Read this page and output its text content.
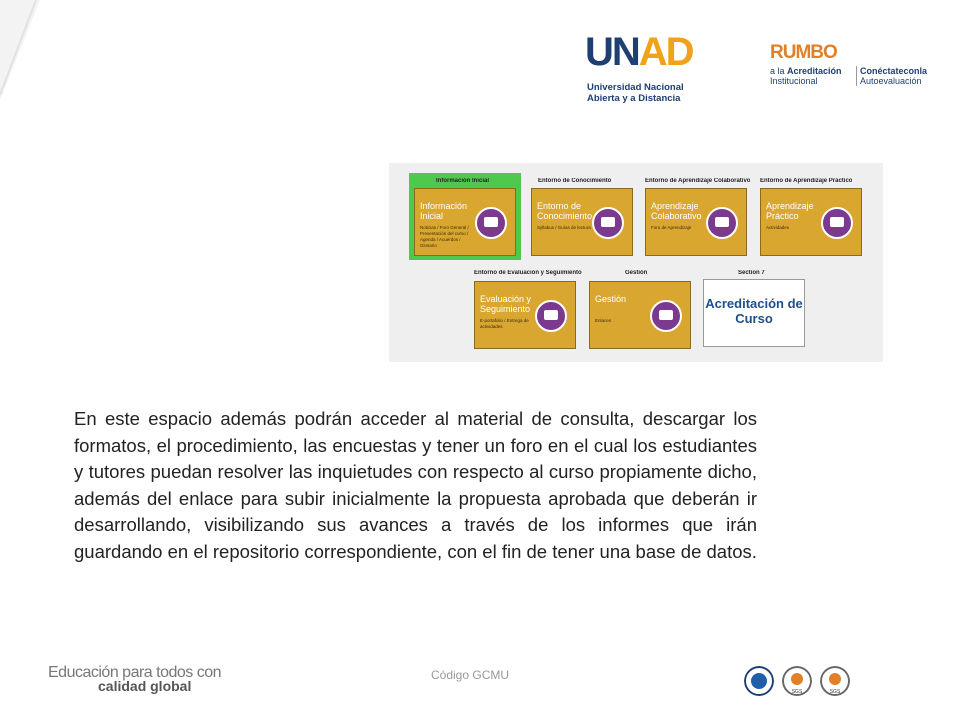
UNAD
Universidad Nacional
Abierta y a Distancia
RUMBO
a la Acreditación
Institucional
Conéctateconla
Autoevaluación
Información Inicial
Información Inicial
Noticias / Foro General / Presentación del curso / Agenda / Acuerdos / Glosario
Entorno de Conocimiento
Entorno de Conocimiento
Syllabus / Guías de lectura
Entorno de Aprendizaje Colaborativo
Aprendizaje Colaborativo
Foro de Aprendizaje
Entorno de Aprendizaje Práctico
Aprendizaje Práctico
Actividades
Entorno de Evaluación y Seguimiento
Evaluación y Seguimiento
E-portafolio / Entrega de actividades
Gestión
Gestión
Enlaces
Section 7
Acreditación de Curso
En este espacio además podrán acceder al material de consulta, descargar los formatos, el procedimiento, las encuestas y tener un foro en el cual los estudiantes y tutores puedan resolver las inquietudes con respecto al curso propiamente dicho, además del enlace para subir inicialmente la propuesta aprobada que deberán ir desarrollando, visibilizando sus avances a través de los informes que irán guardando en el repositorio correspondiente, con el fin de tener una base de datos.
Educación para todos con
calidad global
Código GCMU
SGS	SGS
